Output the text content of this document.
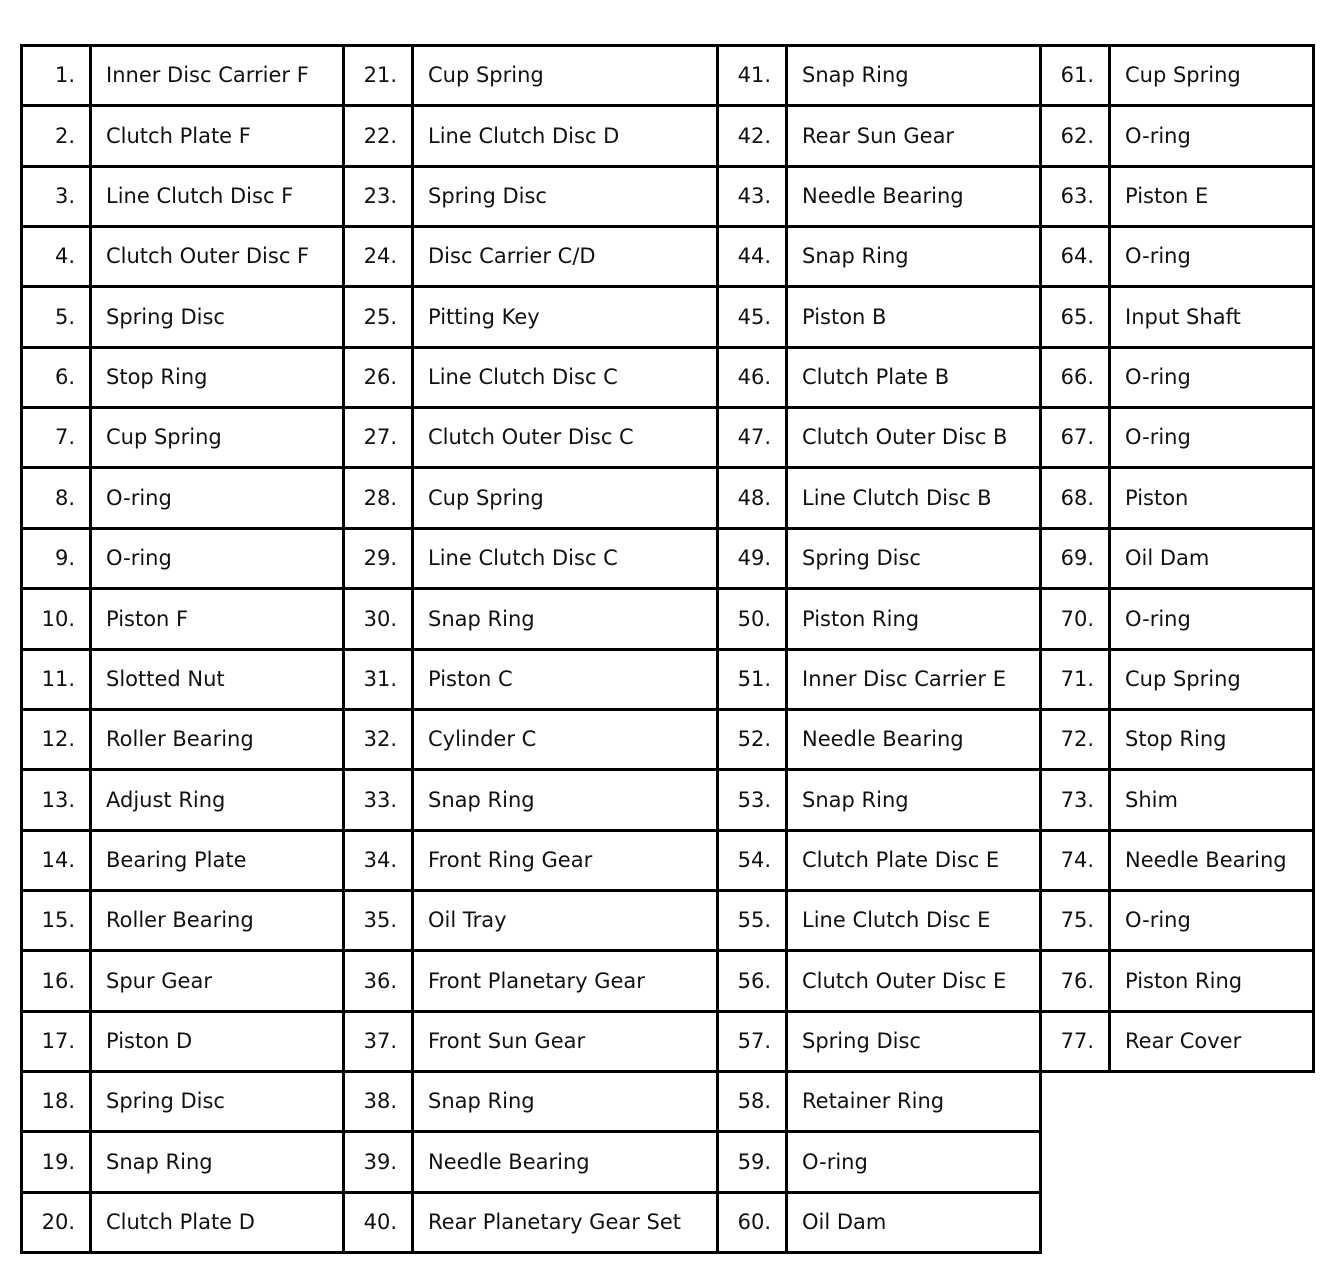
1.	Inner Disc Carrier F
2.	Clutch Plate F
3.	Line Clutch Disc F
4.	Clutch Outer Disc F
5.	Spring Disc
6.	Stop Ring
7.	Cup Spring
8.	O-ring
9.	O-ring
10.	Piston F
11.	Slotted Nut
12.	Roller Bearing
13.	Adjust Ring
14.	Bearing Plate
15.	Roller Bearing
16.	Spur Gear
17.	Piston D
18.	Spring Disc
19.	Snap Ring
20.	Clutch Plate D
21.	Cup Spring
22.	Line Clutch Disc D
23.	Spring Disc
24.	Disc Carrier C/D
25.	Pitting Key
26.	Line Clutch Disc C
27.	Clutch Outer Disc C
28.	Cup Spring
29.	Line Clutch Disc C
30.	Snap Ring
31.	Piston C
32.	Cylinder C
33.	Snap Ring
34.	Front Ring Gear
35.	Oil Tray
36.	Front Planetary Gear
37.	Front Sun Gear
38.	Snap Ring
39.	Needle Bearing
40.	Rear Planetary Gear Set
41.	Snap Ring
42.	Rear Sun Gear
43.	Needle Bearing
44.	Snap Ring
45.	Piston B
46.	Clutch Plate B
47.	Clutch Outer Disc B
48.	Line Clutch Disc B
49.	Spring Disc
50.	Piston Ring
51.	Inner Disc Carrier E
52.	Needle Bearing
53.	Snap Ring
54.	Clutch Plate Disc E
55.	Line Clutch Disc E
56.	Clutch Outer Disc E
57.	Spring Disc
58.	Retainer Ring
59.	O-ring
60.	Oil Dam
61.	Cup Spring
62.	O-ring
63.	Piston E
64.	O-ring
65.	Input Shaft
66.	O-ring
67.	O-ring
68.	Piston
69.	Oil Dam
70.	O-ring
71.	Cup Spring
72.	Stop Ring
73.	Shim
74.	Needle Bearing
75.	O-ring
76.	Piston Ring
77.	Rear Cover
